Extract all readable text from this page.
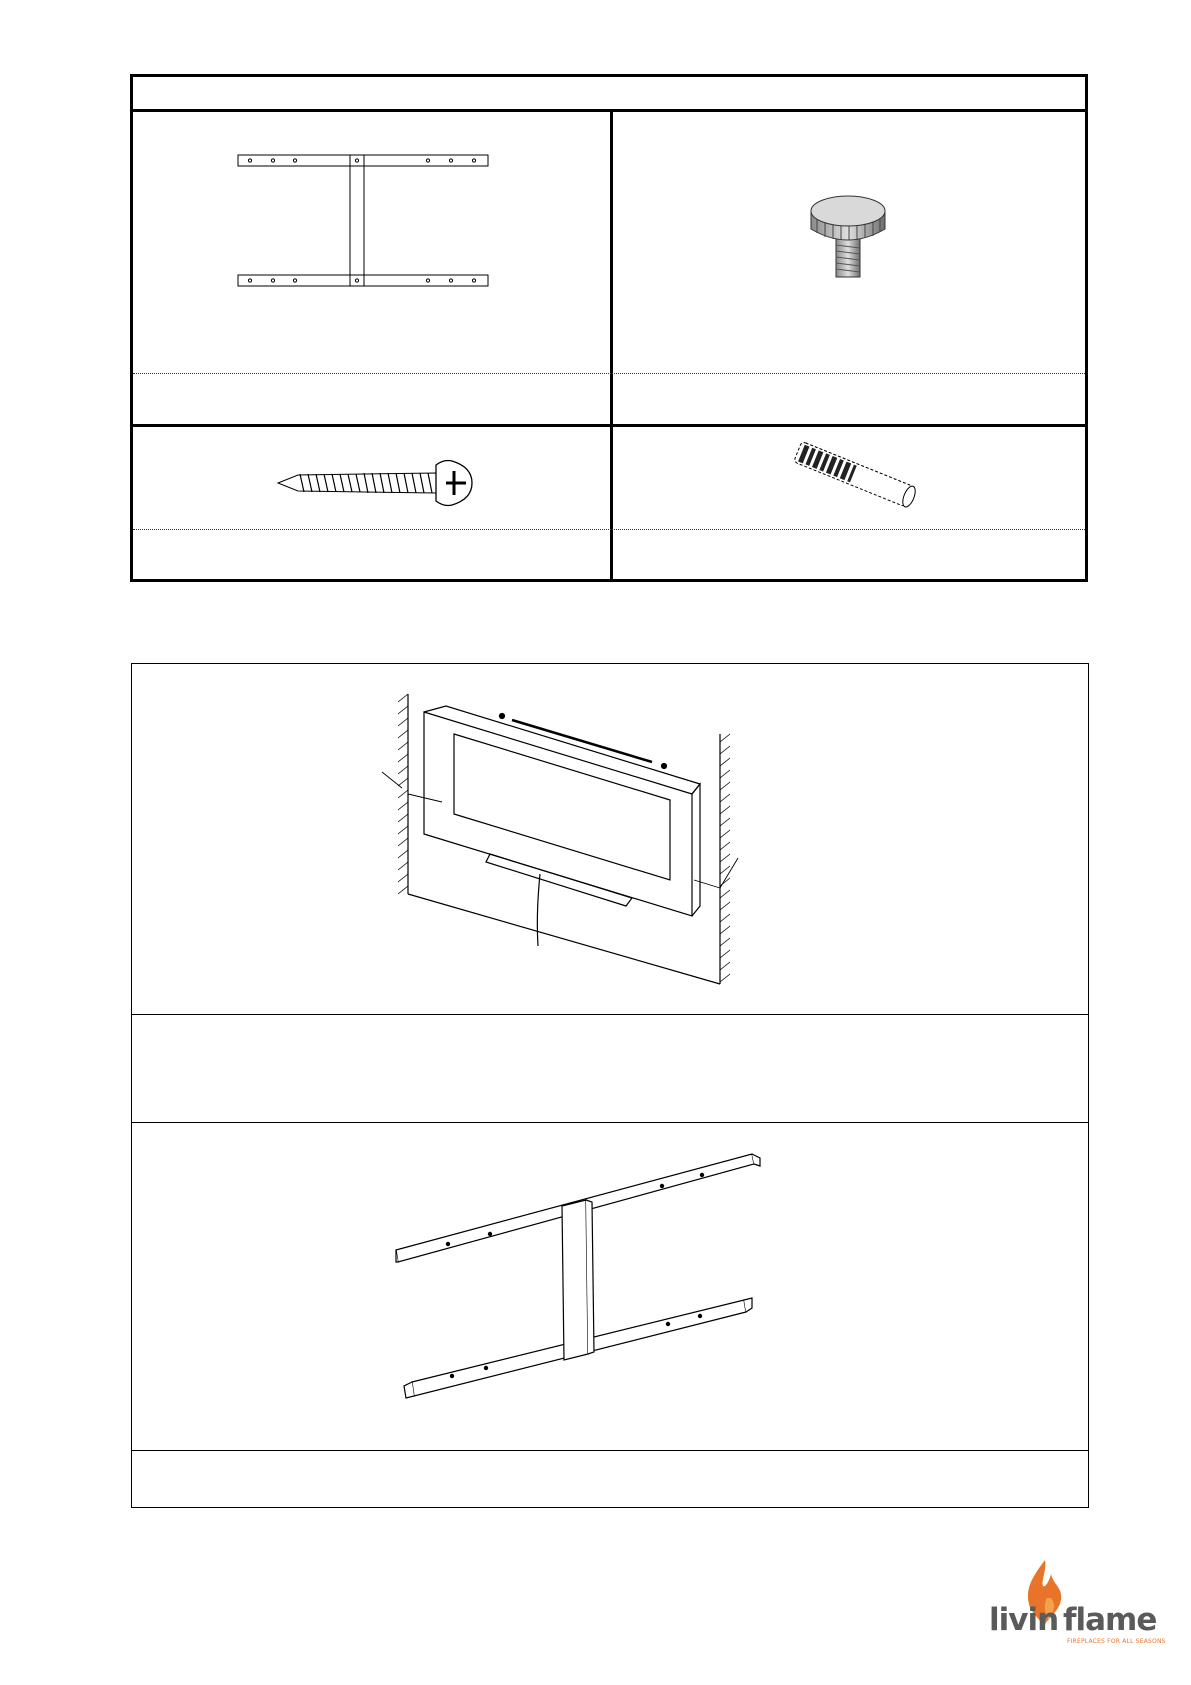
livin flame
FIREPLACES FOR ALL SEASONS
